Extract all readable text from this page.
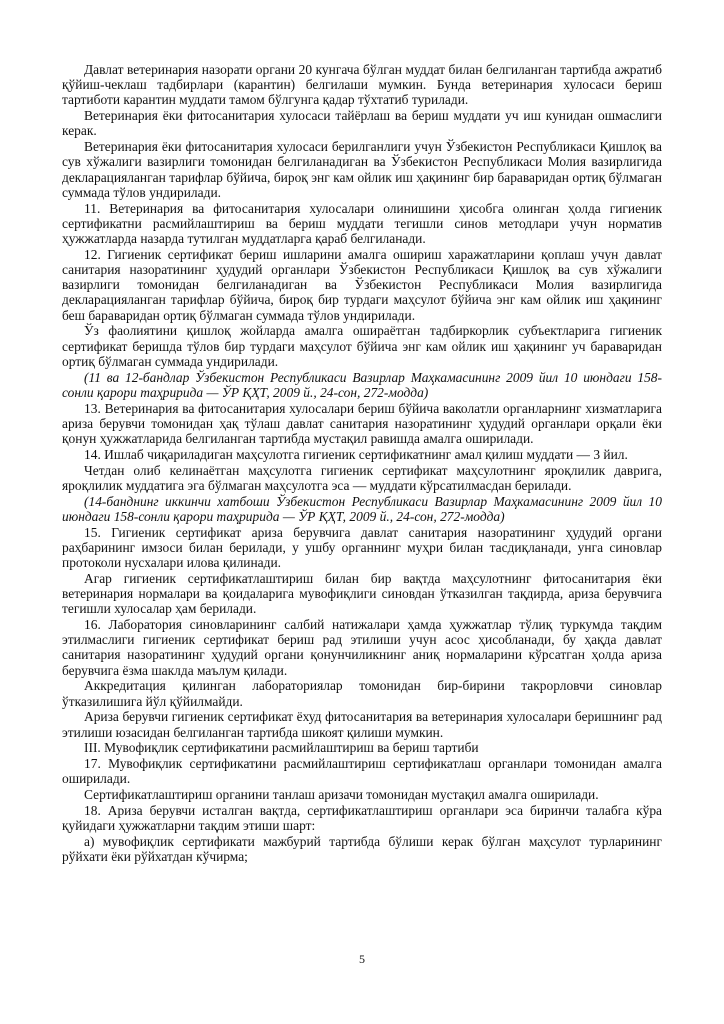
Давлат ветеринария назорати органи 20 кунгача бўлган муддат билан белгиланган тартибда ажратиб қўйиш-чеклаш тадбирлари (карантин) белгилаши мумкин. Бунда ветеринария хулосаси бериш тартиботи карантин муддати тамом бўлгунга қадар тўхтатиб турилади.

Ветеринария ёки фитосанитария хулосаси тайёрлаш ва бериш муддати уч иш кунидан ошмаслиги керак.

Ветеринария ёки фитосанитария хулосаси берилганлиги учун Ўзбекистон Республикаси Қишлоқ ва сув хўжалиги вазирлиги томонидан белгиланадиган ва Ўзбекистон Республикаси Молия вазирлигида декларацияланган тарифлар бўйича, бироқ энг кам ойлик иш ҳақининг бир бараваридан ортиқ бўлмаган суммада тўлов ундирилади.

11. Ветеринария ва фитосанитария хулосалари олинишини ҳисобга олинган ҳолда гигиеник сертификатни расмийлаштириш ва бериш муддати тегишли синов методлари учун норматив ҳужжатларда назарда тутилган муддатларга қараб белгиланади.

12. Гигиеник сертификат бериш ишларини амалга ошириш харажатларини қоплаш учун давлат санитария назоратининг ҳудудий органлари Ўзбекистон Республикаси Қишлоқ ва сув хўжалиги вазирлиги томонидан белгиланадиган ва Ўзбекистон Республикаси Молия вазирлигида декларацияланган тарифлар бўйича, бироқ бир турдаги маҳсулот бўйича энг кам ойлик иш ҳақининг беш бараваридан ортиқ бўлмаган суммада тўлов ундирилади.

Ўз фаолиятини қишлоқ жойларда амалга оширaётган тадбиркорлик субъектларига гигиеник сертификат беришда тўлов бир турдаги маҳсулот бўйича энг кам ойлик иш ҳақининг уч бараваридан ортиқ бўлмаган суммада ундирилади.

(11 ва 12-бандлар Ўзбекистон Республикаси Вазирлар Маҳкамасининг 2009 йил 10 июндаги 158-сонли қарори таҳририда — ЎР ҚҲТ, 2009 й., 24-сон, 272-модда)

13. Ветеринария ва фитосанитария хулосалари бериш бўйича ваколатли органларнинг хизматларига ариза берувчи томонидан ҳақ тўлаш давлат санитария назоратининг ҳудудий органлари орқали ёки қонун ҳужжатларида белгиланган тартибда мустақил равишда амалга оширилади.

14. Ишлаб чиқариладиган маҳсулотга гигиеник сертификатнинг амал қилиш муддати — 3 йил.

Четдан олиб келинаётган маҳсулотга гигиеник сертификат маҳсулотнинг яроқлилик даврига, яроқлилик муддатига эга бўлмаган маҳсулотга эса — муддати кўрсатилмасдан берилади.

(14-банднинг иккинчи хатбоши Ўзбекистон Республикаси Вазирлар Маҳкамасининг 2009 йил 10 июндаги 158-сонли қарори таҳририда — ЎР ҚҲТ, 2009 й., 24-сон, 272-модда)

15. Гигиеник сертификат ариза берувчига давлат санитария назоратининг ҳудудий органи раҳбарининг имзоси билан берилади, у ушбу органнинг муҳри билан тасдиқланади, унга синовлар протоколи нусхалари илова қилинади.

Агар гигиеник сертификатлаштириш билан бир вақтда маҳсулотнинг фитосанитария ёки ветеринария нормалари ва қоидаларига мувофиқлиги синовдан ўтказилган тақдирда, ариза берувчига тегишли хулосалар ҳам берилади.

16. Лаборатория синовларининг салбий натижалари ҳамда ҳужжатлар тўлиқ туркумда тақдим этилмаслиги гигиеник сертификат бериш рад этилиши учун асос ҳисобланади, бу ҳақда давлат санитария назоратининг ҳудудий органи қонунчиликнинг аниқ нормаларини кўрсатган ҳолда ариза берувчига ёзма шаклда маълум қилади.

Аккредитация қилинган лабораториялар томонидан бир-бирини такрорловчи синовлар ўтказилишига йўл қўйилмайди.

Ариза берувчи гигиеник сертификат ёхуд фитосанитария ва ветеринария хулосалари беришнинг рад этилиши юзасидан белгиланган тартибда шикоят қилиши мумкин.

III. Мувофиқлик сертификатини расмийлаштириш ва бериш тартиби

17. Мувофиқлик сертификатини расмийлаштириш сертификатлаш органлари томонидан амалга оширилади.

Сертификатлаштириш органини танлаш аризачи томонидан мустақил амалга оширилади.

18. Ариза берувчи исталган вақтда, сертификатлаштириш органлари эса биринчи талабга кўра қуйидаги ҳужжатларни тақдим этиши шарт:

а) мувофиқлик сертификати мажбурий тартибда бўлиши керак бўлган маҳсулот турларининг рўйхати ёки рўйхатдан кўчирма;

5
